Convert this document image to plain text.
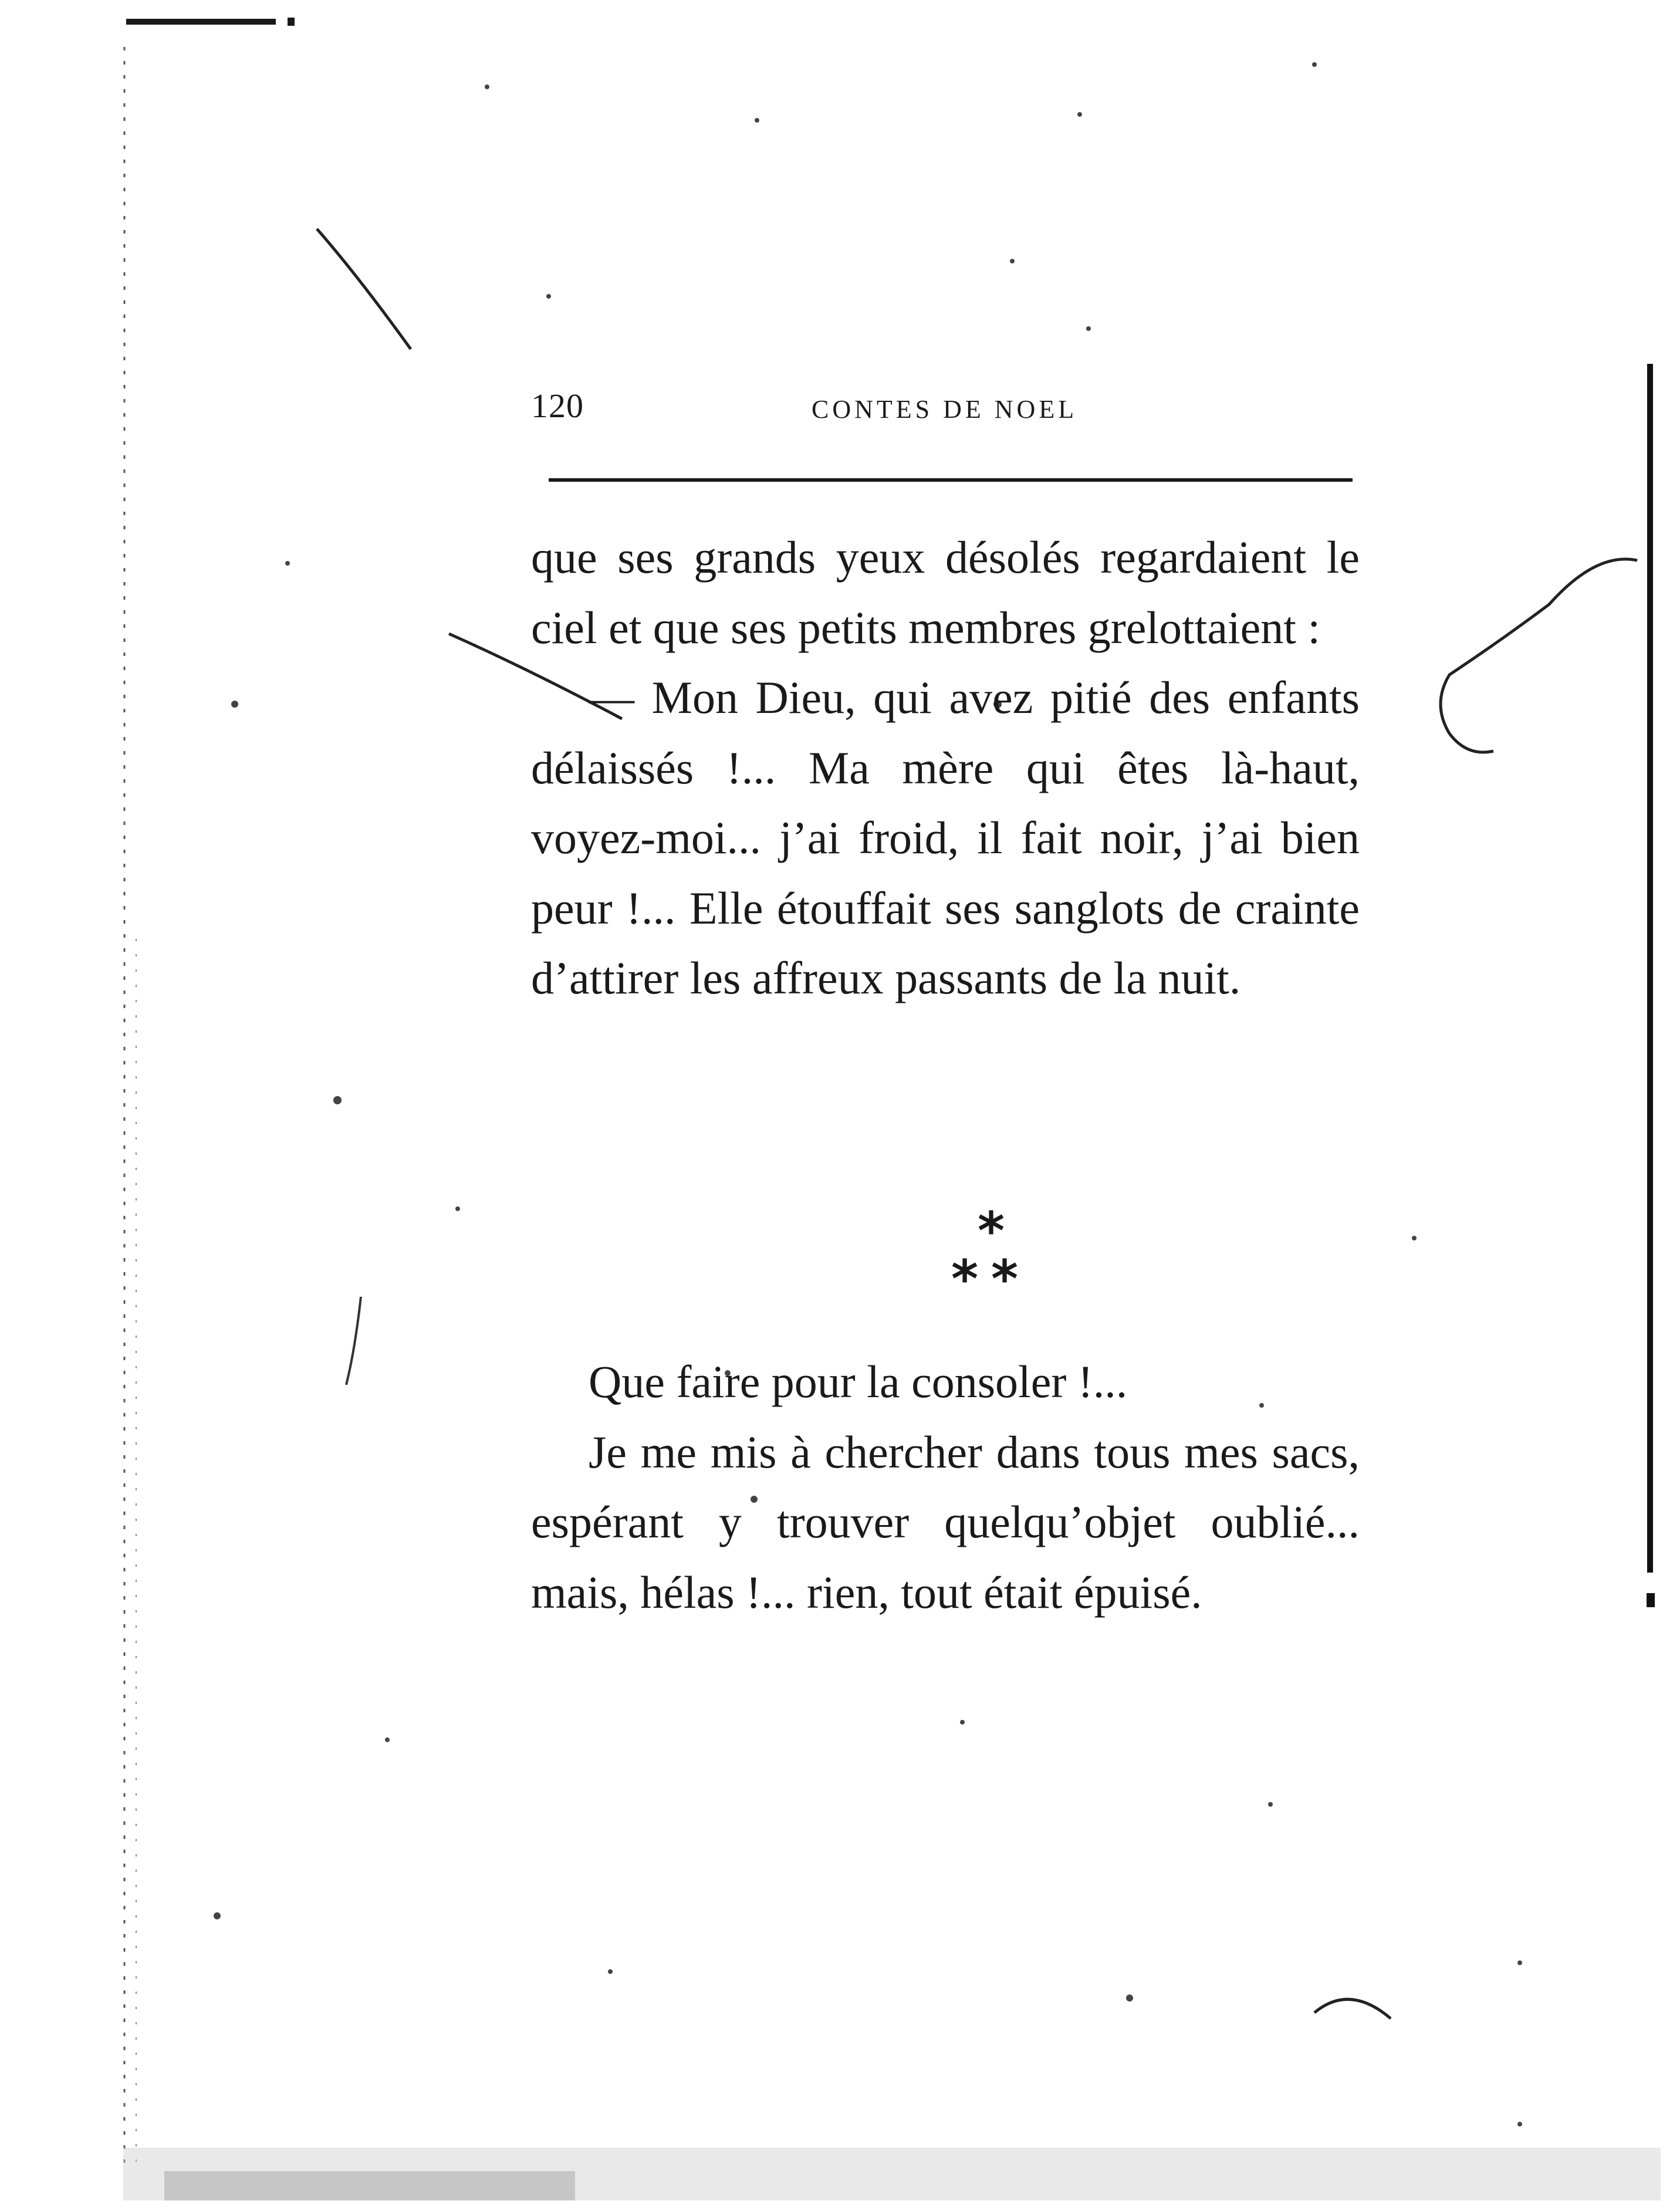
120	CONTES DE NOEL

que ses grands yeux désolés regardaient le ciel et que ses petits membres grelottaient :

— Mon Dieu, qui avez pitié des enfants délaissés !... Ma mère qui êtes là-haut, voyez-moi... j’ai froid, il fait noir, j’ai bien peur !... Elle étouffait ses sanglots de crainte d’attirer les affreux passants de la nuit.

*
**

Que faire pour la consoler !...

Je me mis à chercher dans tous mes sacs, espérant y trouver quelqu’objet oublié... mais, hélas !... rien, tout était épuisé.
